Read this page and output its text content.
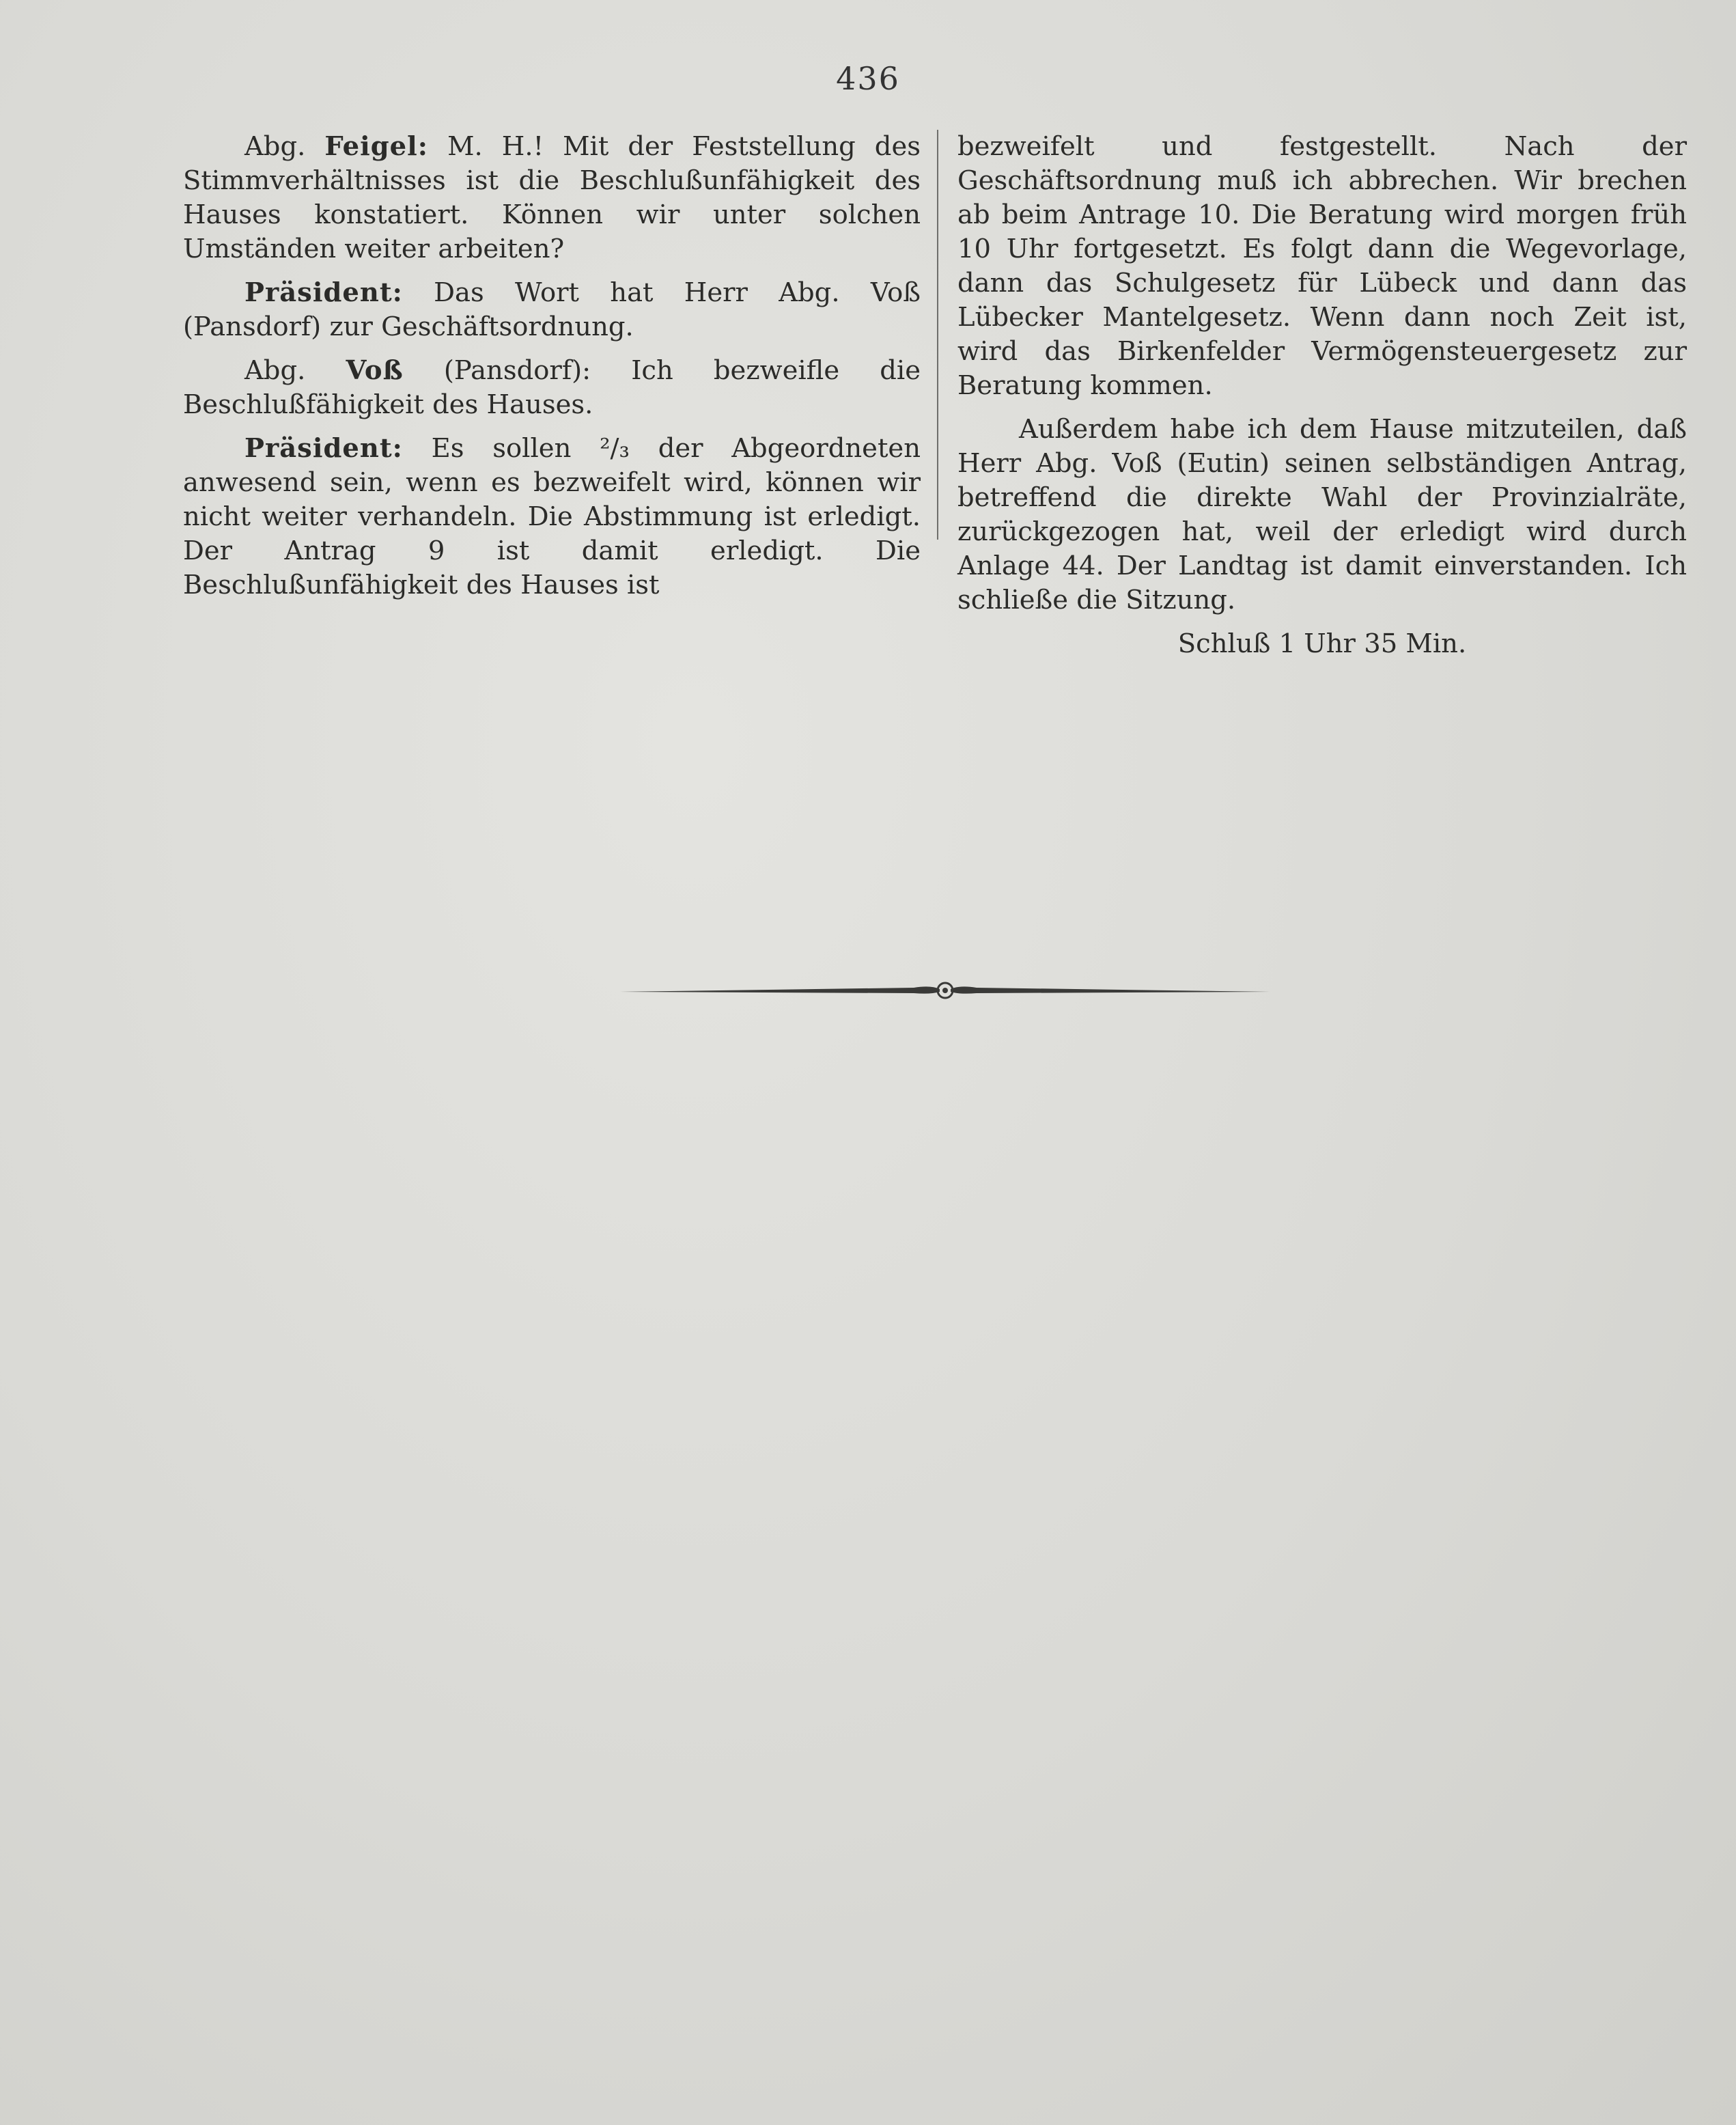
436

Abg. Feigel: M. H.! Mit der Feststellung des Stimmverhältnisses ist die Beschlußunfähigkeit des Hauses konstatiert. Können wir unter solchen Umständen weiter arbeiten?

Präsident: Das Wort hat Herr Abg. Voß (Pansdorf) zur Geschäftsordnung.

Abg. Voß (Pansdorf): Ich bezweifle die Beschlußfähigkeit des Hauses.

Präsident: Es sollen ²/₃ der Abgeordneten anwesend sein, wenn es bezweifelt wird, können wir nicht weiter verhandeln. Die Abstimmung ist erledigt. Der Antrag 9 ist damit erledigt. Die Beschlußunfähigkeit des Hauses ist

bezweifelt und festgestellt. Nach der Geschäftsordnung muß ich abbrechen. Wir brechen ab beim Antrage 10. Die Beratung wird morgen früh 10 Uhr fortgesetzt. Es folgt dann die Wegevorlage, dann das Schulgesetz für Lübeck und dann das Lübecker Mantelgesetz. Wenn dann noch Zeit ist, wird das Birkenfelder Vermögensteuergesetz zur Beratung kommen.

Außerdem habe ich dem Hause mitzuteilen, daß Herr Abg. Voß (Eutin) seinen selbständigen Antrag, betreffend die direkte Wahl der Provinzialräte, zurückgezogen hat, weil der erledigt wird durch Anlage 44. Der Landtag ist damit einverstanden. Ich schließe die Sitzung.

Schluß 1 Uhr 35 Min.
